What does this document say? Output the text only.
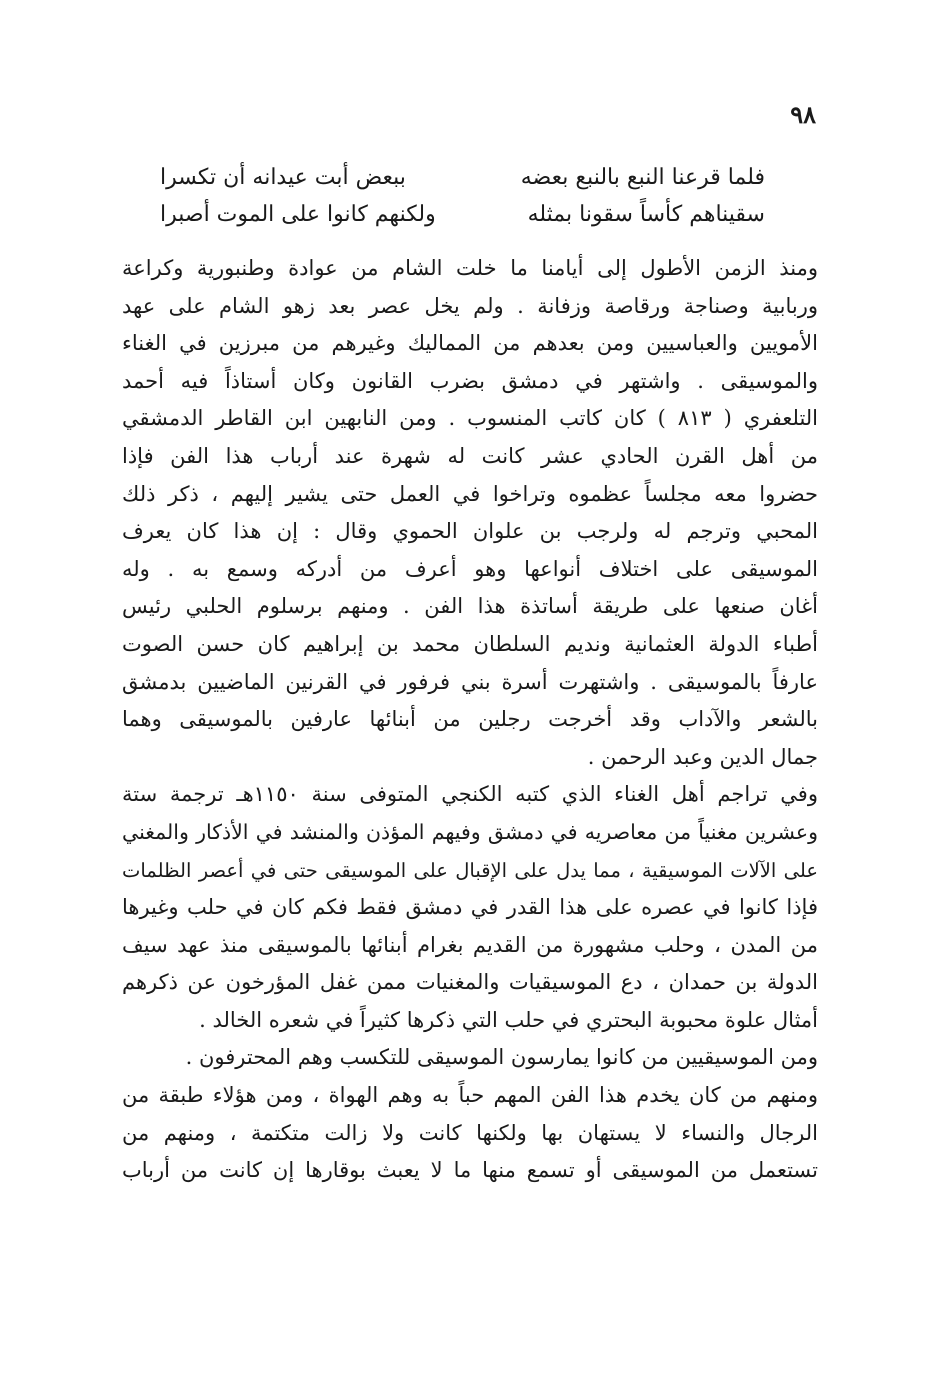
٩٨
فلما قرعنا النبع بالنبع بعضه
ببعض أبت عيدانه أن تكسرا
سقيناهم كأساً سقونا بمثله
ولكنهم كانوا على الموت أصبرا
ومنذ الزمن الأطول إلى أيامنا ما خلت الشام من عوادة وطنبورية وكراعة
وربابية وصناجة ورقاصة وزفانة . ولم يخل عصر بعد زهو الشام على عهد
الأمويين والعباسيين ومن بعدهم من المماليك وغيرهم من مبرزين في الغناء
والموسيقى . واشتهر في دمشق بضرب القانون وكان أستاذاً فيه أحمد
التلعفري ( ٨١٣ ) كان كاتب المنسوب . ومن النابهين ابن القاطر الدمشقي
من أهل القرن الحادي عشر كانت له شهرة عند أرباب هذا الفن فإذا
حضروا معه مجلساً عظموه وتراخوا في العمل حتى يشير إليهم ، ذكر ذلك
المحبي وترجم له ولرجب بن علوان الحموي وقال : إن هذا كان يعرف
الموسيقى على اختلاف أنواعها وهو أعرف من أدركه وسمع به . وله
أغان صنعها على طريقة أساتذة هذا الفن . ومنهم برسلوم الحلبي رئيس
أطباء الدولة العثمانية ونديم السلطان محمد بن إبراهيم كان حسن الصوت
عارفاً بالموسيقى . واشتهرت أسرة بني فرفور في القرنين الماضيين بدمشق
بالشعر والآداب وقد أخرجت رجلين من أبنائها عارفين بالموسيقى وهما
جمال الدين وعبد الرحمن .
وفي تراجم أهل الغناء الذي كتبه الكنجي المتوفى سنة ١١٥٠هـ ترجمة ستة
وعشرين مغنياً من معاصريه في دمشق وفيهم المؤذن والمنشد في الأذكار والمغني
على الآلات الموسيقية ، مما يدل على الإقبال على الموسيقى حتى في أعصر الظلمات
فإذا كانوا في عصره على هذا القدر في دمشق فقط فكم كان في حلب وغيرها
من المدن ، وحلب مشهورة من القديم بغرام أبنائها بالموسيقى منذ عهد سيف
الدولة بن حمدان ، دع الموسيقيات والمغنيات ممن غفل المؤرخون عن ذكرهم
أمثال علوة محبوبة البحتري في حلب التي ذكرها كثيراً في شعره الخالد .
ومن الموسيقيين من كانوا يمارسون الموسيقى للتكسب وهم المحترفون .
ومنهم من كان يخدم هذا الفن المهم حباً به وهم الهواة ، ومن هؤلاء طبقة من
الرجال والنساء لا يستهان بها ولكنها كانت ولا زالت متكتمة ، ومنهم من
تستعمل من الموسيقى أو تسمع منها ما لا يعبث بوقارها إن كانت من أرباب
